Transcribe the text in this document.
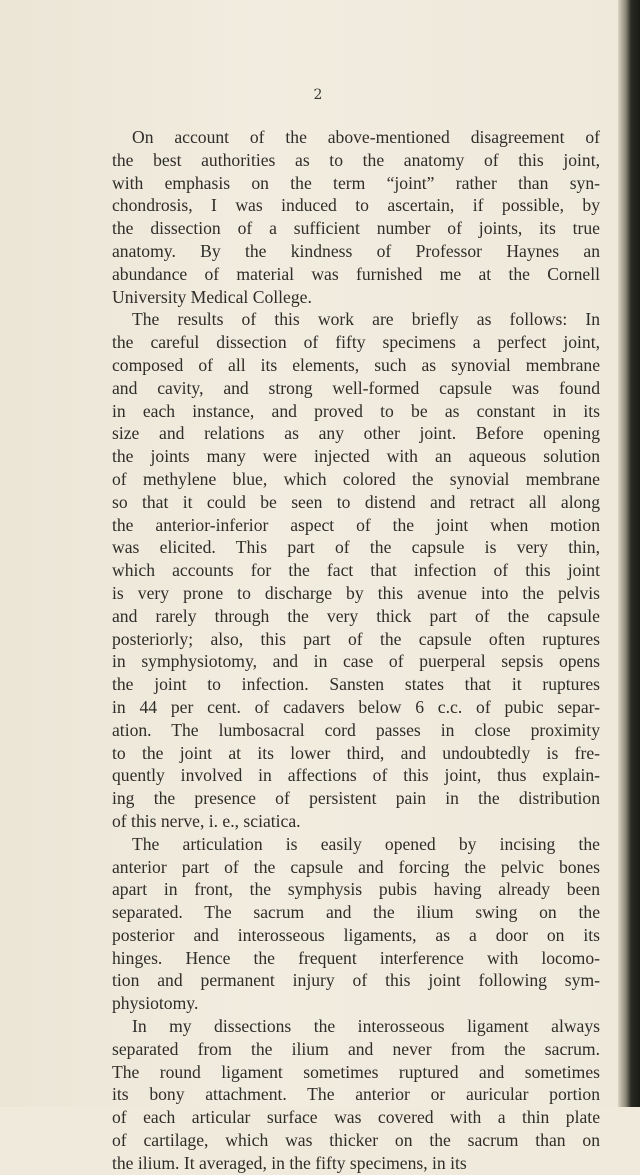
2
On account of the above-mentioned disagreement of
the best authorities as to the anatomy of this joint,
with emphasis on the term “joint” rather than syn-
chondrosis, I was induced to ascertain, if possible, by
the dissection of a sufficient number of joints, its true
anatomy. By the kindness of Professor Haynes an
abundance of material was furnished me at the Cornell
University Medical College.
The results of this work are briefly as follows: In
the careful dissection of fifty specimens a perfect joint,
composed of all its elements, such as synovial membrane
and cavity, and strong well-formed capsule was found
in each instance, and proved to be as constant in its
size and relations as any other joint. Before opening
the joints many were injected with an aqueous solution
of methylene blue, which colored the synovial membrane
so that it could be seen to distend and retract all along
the anterior-inferior aspect of the joint when motion
was elicited. This part of the capsule is very thin,
which accounts for the fact that infection of this joint
is very prone to discharge by this avenue into the pelvis
and rarely through the very thick part of the capsule
posteriorly; also, this part of the capsule often ruptures
in symphysiotomy, and in case of puerperal sepsis opens
the joint to infection. Sansten states that it ruptures
in 44 per cent. of cadavers below 6 c.c. of pubic separ-
ation. The lumbosacral cord passes in close proximity
to the joint at its lower third, and undoubtedly is fre-
quently involved in affections of this joint, thus explain-
ing the presence of persistent pain in the distribution
of this nerve, i. e., sciatica.
The articulation is easily opened by incising the
anterior part of the capsule and forcing the pelvic bones
apart in front, the symphysis pubis having already been
separated. The sacrum and the ilium swing on the
posterior and interosseous ligaments, as a door on its
hinges. Hence the frequent interference with locomo-
tion and permanent injury of this joint following sym-
physiotomy.
In my dissections the interosseous ligament always
separated from the ilium and never from the sacrum.
The round ligament sometimes ruptured and sometimes
its bony attachment. The anterior or auricular portion
of each articular surface was covered with a thin plate
of cartilage, which was thicker on the sacrum than on
the ilium. It averaged, in the fifty specimens, in its
